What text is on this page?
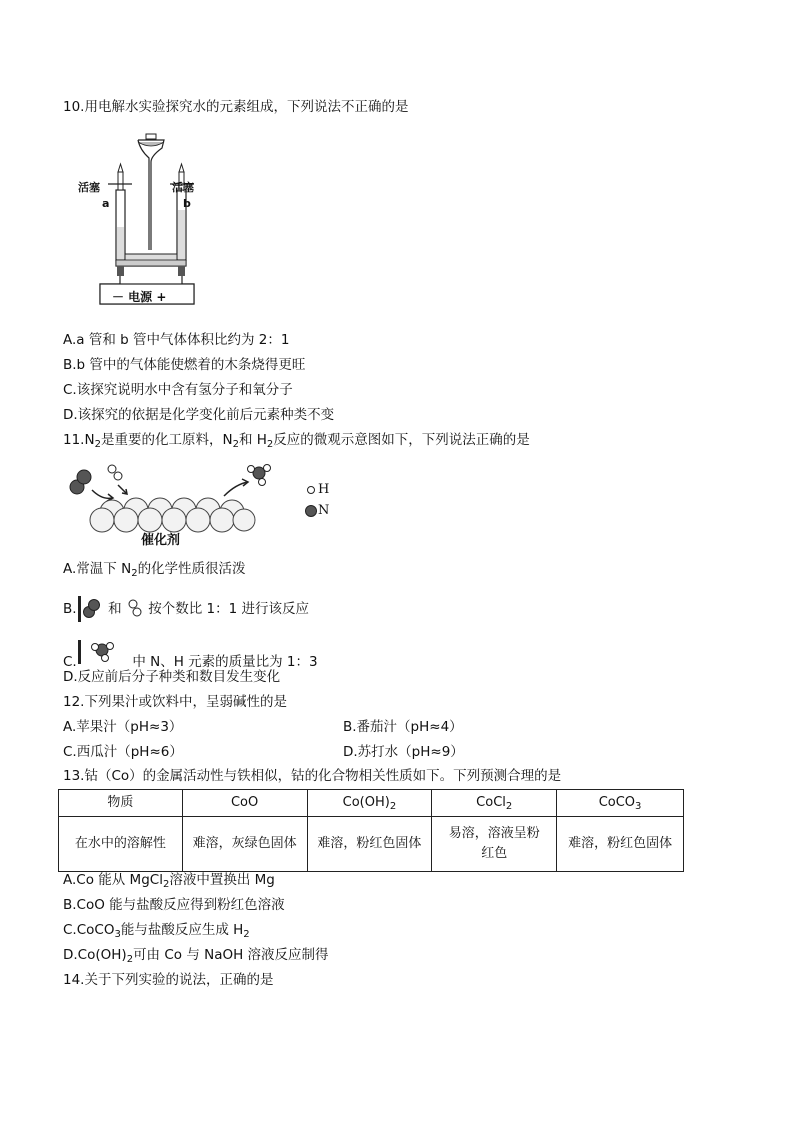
10.用电解水实验探究水的元素组成，下列说法不正确的是
活塞
a
活塞
b
－ 电源 +
A.a 管和 b 管中气体体积比约为 2：1
B.b 管中的气体能使燃着的木条烧得更旺
C.该探究说明水中含有氢分子和氧分子
D.该探究的依据是化学变化前后元素种类不变
$11.N_2$是重要的化工原料，$N_2$和 $H_2$反应的微观示意图如下，下列说法正确的是
催化剂
H
N
A.常温下 $N_2$的化学性质很活泼
B. 和 按个数比 1：1 进行该反应
C.	中 N、H 元素的质量比为 1：3
D.反应前后分子种类和数目发生变化
12.下列果汁或饮料中，呈弱碱性的是
A.苹果汁（pH≈3）	B.番茄汁（pH≈4）
C.西瓜汁（pH≈6）	D.苏打水（pH≈9）
13.钴（Co）的金属活动性与铁相似，钴的化合物相关性质如下。下列预测合理的是
物质	CoO	$Co(OH)_2$	CoCl$_2$	CoCO$_3$
在水中的溶解性	难溶，灰绿色固体	难溶，粉红色固体	易溶，溶液呈粉红色	难溶，粉红色固体
A.Co 能从 MgCl$_2$溶液中置换出 Mg
B.CoO 能与盐酸反应得到粉红色溶液
C.CoCO$_3$能与盐酸反应生成 $H_2$
$D.Co(OH)_2$可由 Co 与 NaOH 溶液反应制得
14.关于下列实验的说法，正确的是
